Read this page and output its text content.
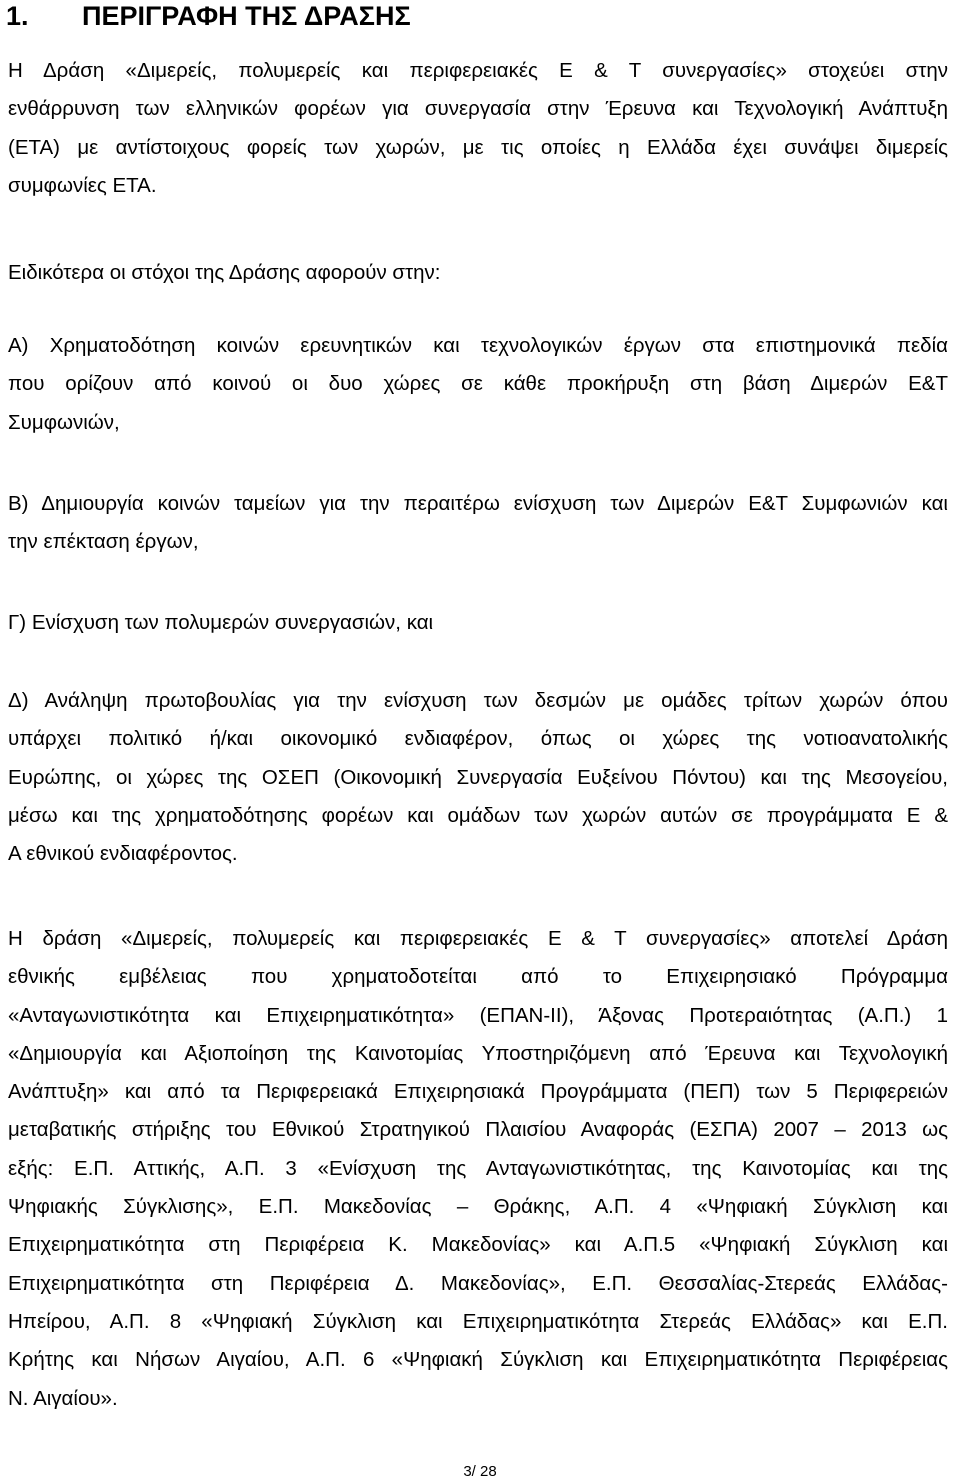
1. ΠΕΡΙΓΡΑΦΗ ΤΗΣ ΔΡΑΣΗΣ
Η Δράση «Διμερείς, πολυμερείς και περιφερειακές Ε & Τ συνεργασίες» στοχεύει στην
ενθάρρυνση των ελληνικών φορέων για συνεργασία στην Έρευνα και Τεχνολογική Ανάπτυξη
(ΕΤΑ) με αντίστοιχους φορείς των χωρών, με τις οποίες η Ελλάδα έχει συνάψει διμερείς
συμφωνίες ΕΤΑ.
Ειδικότερα οι στόχοι της Δράσης αφορούν στην:
Α) Χρηματοδότηση κοινών ερευνητικών και τεχνολογικών έργων στα επιστημονικά πεδία
που ορίζουν από κοινού οι δυο χώρες σε κάθε προκήρυξη στη βάση Διμερών Ε&Τ
Συμφωνιών,
Β) Δημιουργία κοινών ταμείων για την περαιτέρω ενίσχυση των Διμερών Ε&Τ Συμφωνιών και
την επέκταση έργων,
Γ) Ενίσχυση των πολυμερών συνεργασιών, και
Δ) Ανάληψη πρωτοβουλίας για την ενίσχυση των δεσμών με ομάδες τρίτων χωρών όπου
υπάρχει πολιτικό ή/και οικονομικό ενδιαφέρον, όπως οι χώρες της νοτιοανατολικής
Ευρώπης, οι χώρες της ΟΣΕΠ (Οικονομική Συνεργασία Ευξείνου Πόντου) και της Μεσογείου,
μέσω και της χρηματοδότησης φορέων και ομάδων των χωρών αυτών σε προγράμματα Ε &
Α εθνικού ενδιαφέροντος.
Η δράση «Διμερείς, πολυμερείς και περιφερειακές Ε & Τ συνεργασίες» αποτελεί Δράση
εθνικής εμβέλειας που χρηματοδοτείται από το Επιχειρησιακό Πρόγραμμα
«Ανταγωνιστικότητα και Επιχειρηματικότητα» (ΕΠΑΝ-ΙΙ), Άξονας Προτεραιότητας (Α.Π.) 1
«Δημιουργία και Αξιοποίηση της Καινοτομίας Υποστηριζόμενη από Έρευνα και Τεχνολογική
Ανάπτυξη» και από τα Περιφερειακά Επιχειρησιακά Προγράμματα (ΠΕΠ) των 5 Περιφερειών
μεταβατικής στήριξης του Εθνικού Στρατηγικού Πλαισίου Αναφοράς (ΕΣΠΑ) 2007 – 2013 ως
εξής: Ε.Π. Αττικής, Α.Π. 3 «Ενίσχυση της Ανταγωνιστικότητας, της Καινοτομίας και της
Ψηφιακής Σύγκλισης», Ε.Π. Μακεδονίας – Θράκης, Α.Π. 4 «Ψηφιακή Σύγκλιση και
Επιχειρηματικότητα στη Περιφέρεια Κ. Μακεδονίας» και Α.Π.5 «Ψηφιακή Σύγκλιση και
Επιχειρηματικότητα στη Περιφέρεια Δ. Μακεδονίας», Ε.Π. Θεσσαλίας-Στερεάς Ελλάδας-
Ηπείρου, Α.Π. 8 «Ψηφιακή Σύγκλιση και Επιχειρηματικότητα Στερεάς Ελλάδας» και Ε.Π.
Κρήτης και Νήσων Αιγαίου, Α.Π. 6 «Ψηφιακή Σύγκλιση και Επιχειρηματικότητα Περιφέρειας
Ν. Αιγαίου».
3/ 28
